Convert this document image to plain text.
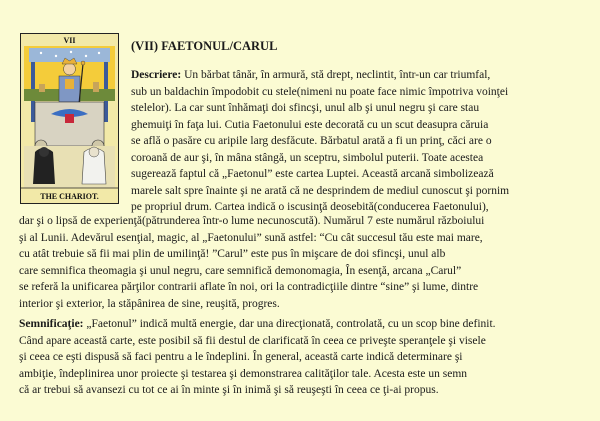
VII
THE CHARIOT.
(VII) FAETONUL/CARUL
Descriere: Un bărbat tânăr, în armură, stă drept, neclintit, într-un car triumfal,
sub un baldachin împodobit cu stele(nimeni nu poate face nimic împotriva voinţei
stelelor). La car sunt înhămaţi doi sfincşi, unul alb şi unul negru şi care stau
ghemuiţi în faţa lui. Cutia Faetonului este decorată cu un scut deasupra căruia
se află o pasăre cu aripile larg desfăcute. Bărbatul arată a fi un prinţ, căci are o
coroană de aur şi, în mâna stângă, un sceptru, simbolul puterii. Toate acestea
sugerează faptul că „Faetonul” este cartea Luptei. Această arcană simbolizează
marele salt spre înainte şi ne arată că ne desprindem de mediul cunoscut şi pornim
pe propriul drum. Cartea indică o iscusinţă deosebită(conducerea Faetonului),
dar şi o lipsă de experienţă(pătrunderea într-o lume necunoscută). Numărul 7 este numărul războiului
şi al Lunii. Adevărul esenţial, magic, al „Faetonului” sună astfel: “Cu cât succesul tău este mai mare,
cu atât trebuie să fii mai plin de umilinţă! ”Carul” este pus în mişcare de doi sfincşi, unul alb
care semnifica theomagia şi unul negru, care semnifică demonomagia, În esenţă, arcana „Carul”
se referă la unificarea părţilor contrarii aflate în noi, ori la contradicţiile dintre “sine” şi lume, dintre
interior şi exterior, la stăpânirea de sine, reuşită, progres.
Semnificaţie: „Faetonul” indică multă energie, dar una direcţionată, controlată, cu un scop bine definit.
Când apare această carte, este posibil să fii destul de clarificată în ceea ce priveşte speranţele şi visele
şi ceea ce eşti dispusă să faci pentru a le îndeplini. În general, această carte indică determinare şi
ambiţie, îndeplinirea unor proiecte şi testarea şi demonstrarea calităţilor tale. Acesta este un semn
că ar trebui să avansezi cu tot ce ai în minte şi în inimă şi să reuşeşti în ceea ce ţi-ai propus.
